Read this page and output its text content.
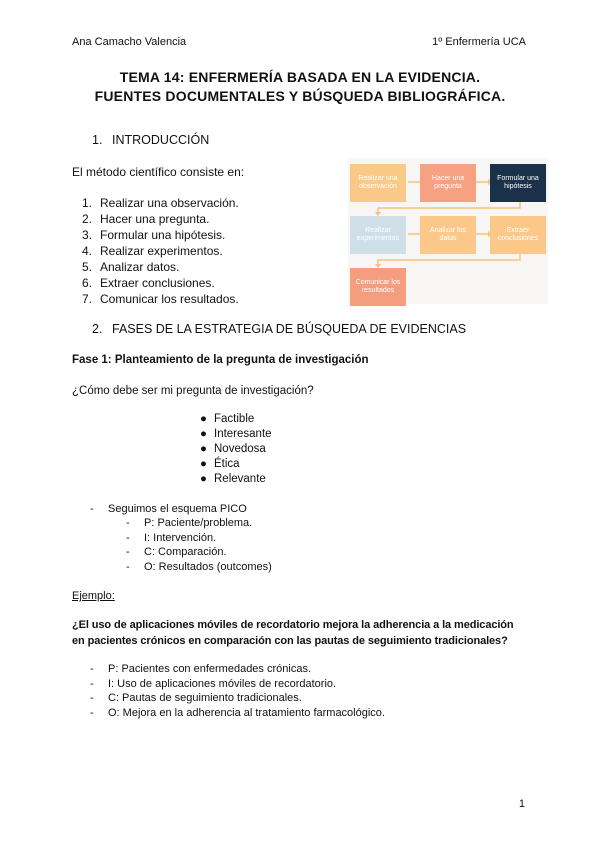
Ana Camacho Valencia	1º Enfermería UCA
TEMA 14: ENFERMERÍA BASADA EN LA EVIDENCIA.
FUENTES DOCUMENTALES Y BÚSQUEDA BIBLIOGRÁFICA.
1. INTRODUCCIÓN
El método científico consiste en:
1. Realizar una observación.
2. Hacer una pregunta.
3. Formular una hipótesis.
4. Realizar experimentos.
5. Analizar datos.
6. Extraer conclusiones.
7. Comunicar los resultados.
Realizar una observación
Hacer una pregunta
Formular una hipótesis
Realizar experimentos
Analizar los datos
Extraer conclusiones
Comunicar los resultados
2. FASES DE LA ESTRATEGIA DE BÚSQUEDA DE EVIDENCIAS
Fase 1: Planteamiento de la pregunta de investigación
¿Cómo debe ser mi pregunta de investigación?
● Factible
● Interesante
● Novedosa
● Ética
● Relevante
-	Seguimos el esquema PICO
-	P: Paciente/problema.
-	I: Intervención.
-	C: Comparación.
-	O: Resultados (outcomes)
Ejemplo:
¿El uso de aplicaciones móviles de recordatorio mejora la adherencia a la medicación
en pacientes crónicos en comparación con las pautas de seguimiento tradicionales?
-	P: Pacientes con enfermedades crónicas.
-	I: Uso de aplicaciones móviles de recordatorio.
-	C: Pautas de seguimiento tradicionales.
-	O: Mejora en la adherencia al tratamiento farmacológico.
1
